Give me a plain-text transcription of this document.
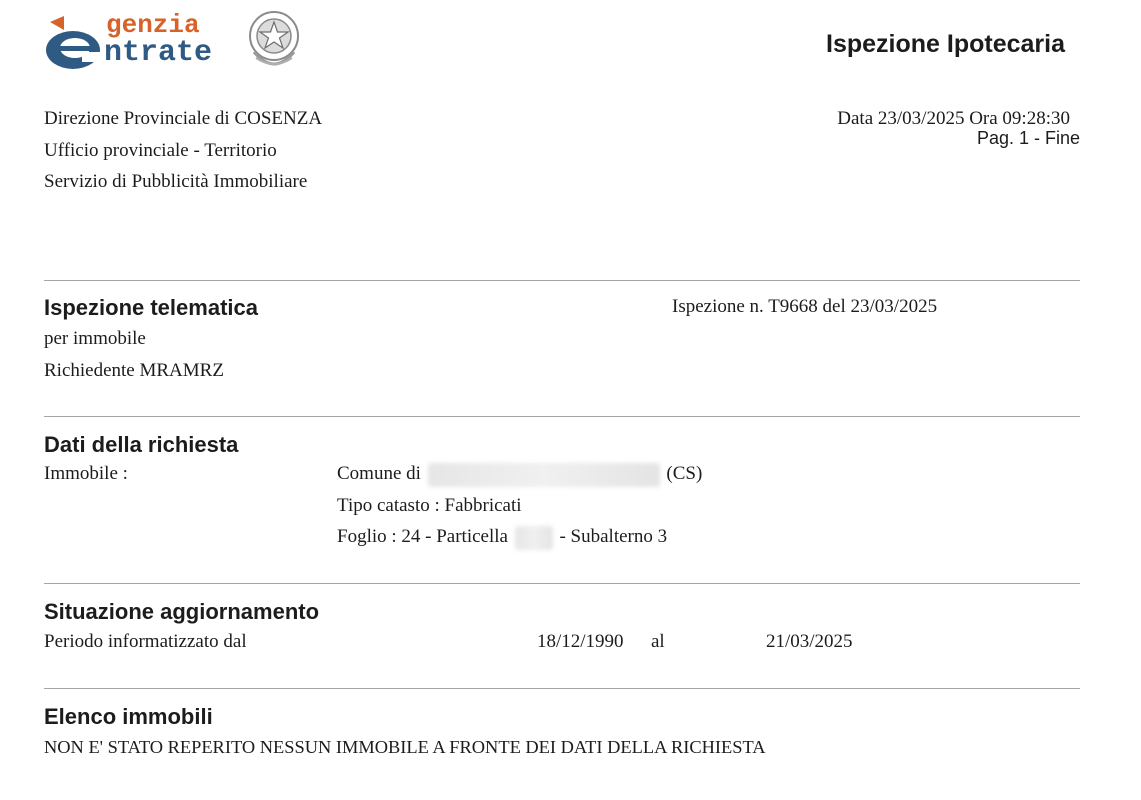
genzia
ntrate	Ispezione Ipotecaria
Direzione Provinciale di COSENZA
Ufficio provinciale - Territorio
Servizio di Pubblicità Immobiliare
Data 23/03/2025 Ora 09:28:30
Pag. 1 - Fine
Ispezione telematica
per immobile
Richiedente MRAMRZ
Ispezione n. T9668 del 23/03/2025
Dati della richiesta
Immobile :	Comune di	(CS)
Tipo catasto : Fabbricati
Foglio : 24 - Particella	- Subalterno 3
Situazione aggiornamento
Periodo informatizzato dal	18/12/1990 al	21/03/2025
Elenco immobili
NON E' STATO REPERITO NESSUN IMMOBILE A FRONTE DEI DATI DELLA RICHIESTA
